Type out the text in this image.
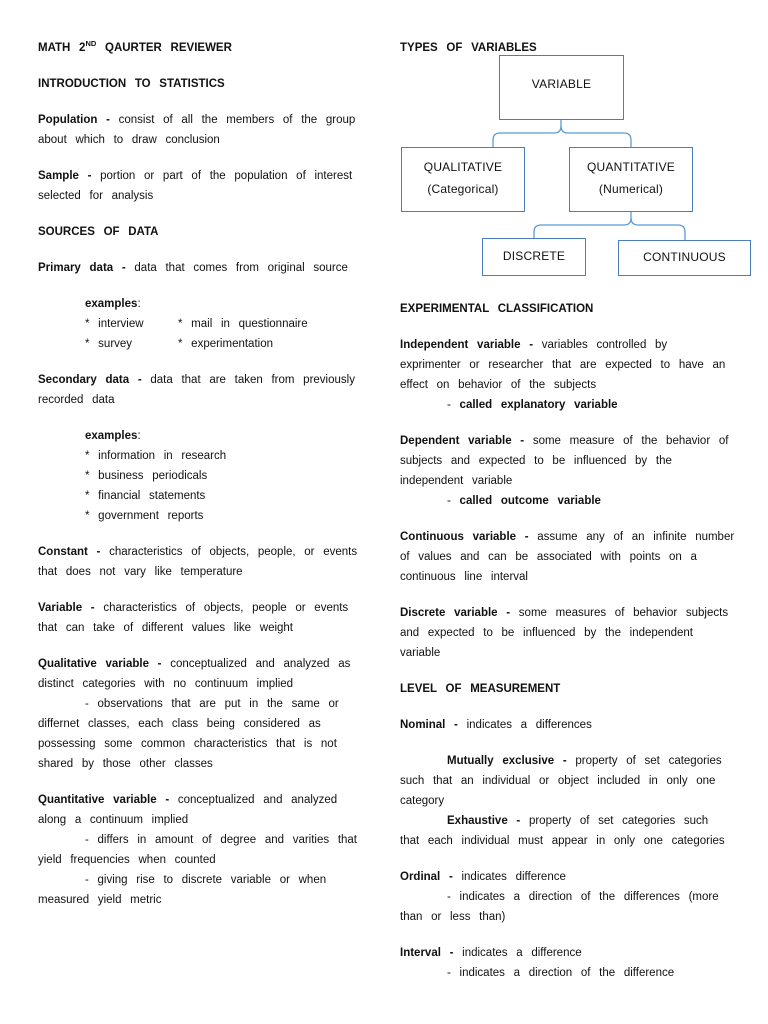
MATH 2ND QAURTER REVIEWER
INTRODUCTION TO STATISTICS
Population - consist of all the members of the group
about which to draw conclusion
Sample - portion or part of the population of interest
selected for analysis
SOURCES OF DATA
Primary data - data that comes from original source
examples:
* interview	* mail in questionnaire
* survey	* experimentation
Secondary data - data that are taken from previously
recorded data
examples:
* information in research
* business periodicals
* financial statements
* government reports
Constant - characteristics of objects, people, or events
that does not vary like temperature
Variable - characteristics of objects, people or events
that can take of different values like weight
Qualitative variable - conceptualized and analyzed as
distinct categories with no continuum implied
- observations that are put in the same or
differnet classes, each class being considered as
possessing some common characteristics that is not
shared by those other classes
Quantitative variable - conceptualized and analyzed
along a continuum implied
- differs in amount of degree and varities that
yield frequencies when counted
- giving rise to discrete variable or when
measured yield metric
TYPES OF VARIABLES
VARIABLE
QUALITATIVE
(Categorical)
QUANTITATIVE
(Numerical)
DISCRETE	CONTINUOUS
EXPERIMENTAL CLASSIFICATION
Independent variable - variables controlled by
exprimenter or researcher that are expected to have an
effect on behavior of the subjects
- called explanatory variable
Dependent variable - some measure of the behavior of
subjects and expected to be influenced by the
independent variable
- called outcome variable
Continuous variable - assume any of an infinite number
of values and can be associated with points on a
continuous line interval
Discrete variable - some measures of behavior subjects
and expected to be influenced by the independent
variable
LEVEL OF MEASUREMENT
Nominal - indicates a differences
Mutually exclusive - property of set categories
such that an individual or object included in only one
category
Exhaustive - property of set categories such
that each individual must appear in only one categories
Ordinal - indicates difference
- indicates a direction of the differences (more
than or less than)
Interval - indicates a difference
- indicates a direction of the difference
